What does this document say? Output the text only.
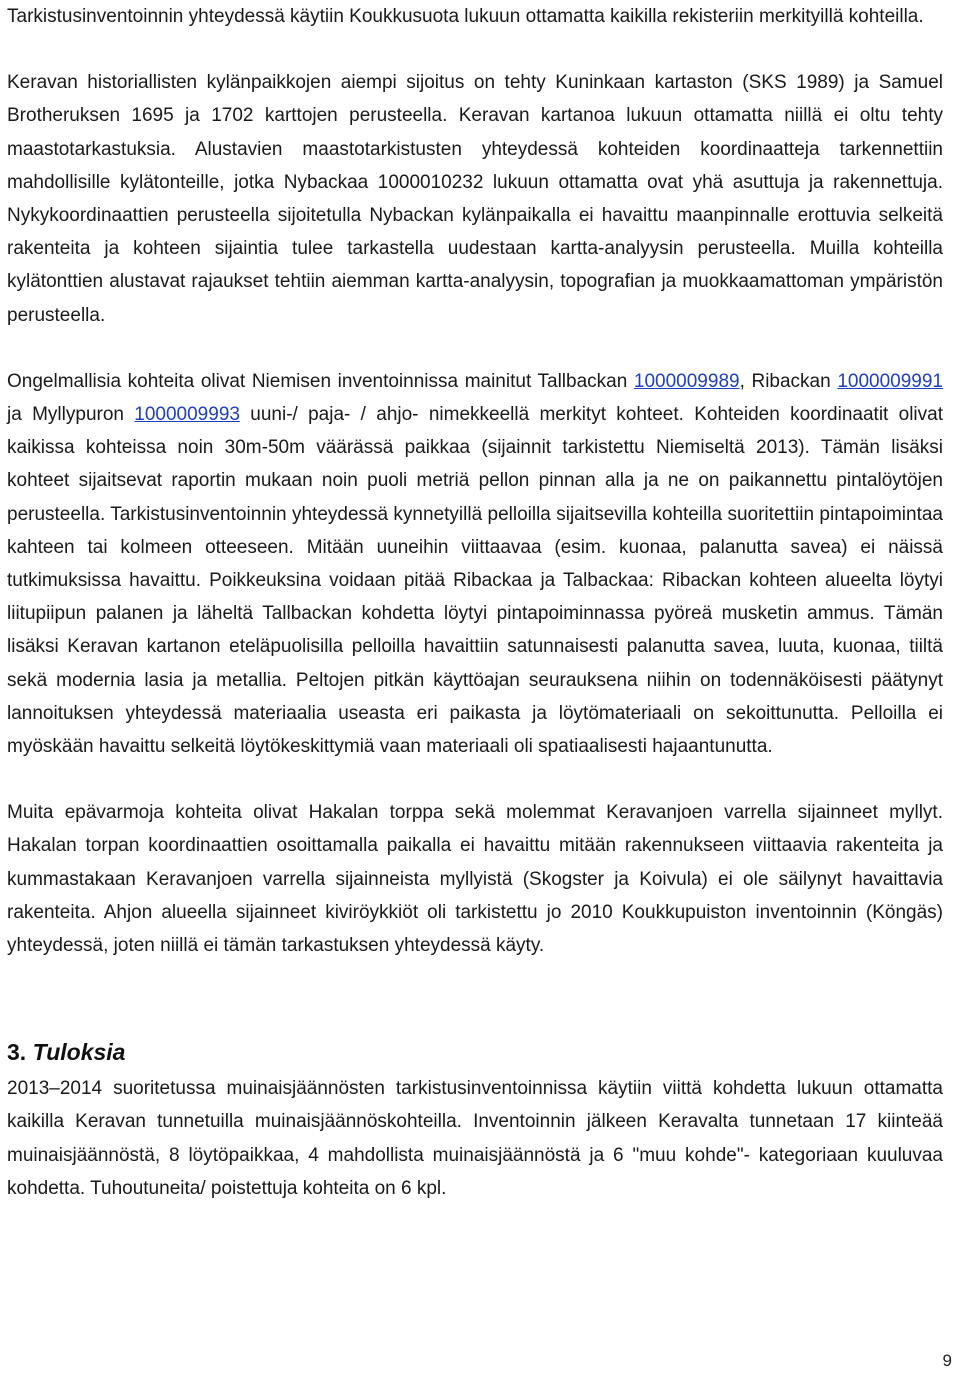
Tarkistusinventoinnin yhteydessä käytiin Koukkusuota lukuun ottamatta kaikilla rekisteriin merkityillä kohteilla.

Keravan historiallisten kylänpaikkojen aiempi sijoitus on tehty Kuninkaan kartaston (SKS 1989) ja Samuel Brotheruksen 1695 ja 1702 karttojen perusteella. Keravan kartanoa lukuun ottamatta niillä ei oltu tehty maastotarkastuksia. Alustavien maastotarkistusten yhteydessä kohteiden koordinaatteja tarkennettiin mahdollisille kylätonteille, jotka Nybackaa 1000010232 lukuun ottamatta ovat yhä asuttuja ja rakennettuja. Nykykoordinaattien perusteella sijoitetulla Nybackan kylänpaikalla ei havaittu maanpinnalle erottuvia selkeitä rakenteita ja kohteen sijaintia tulee tarkastella uudestaan kartta-analyysin perusteella. Muilla kohteilla kylätonttien alustavat rajaukset tehtiin aiemman kartta-analyysin, topografian ja muokkaamattoman ympäristön perusteella.

Ongelmallisia kohteita olivat Niemisen inventoinnissa mainitut Tallbackan 1000009989, Ribackan 1000009991 ja Myllypuron 1000009993 uuni-/ paja- / ahjo- nimekkeellä merkityt kohteet. Kohteiden koordinaatit olivat kaikissa kohteissa noin 30m-50m väärässä paikkaa (sijainnit tarkistettu Niemiseltä 2013). Tämän lisäksi kohteet sijaitsevat raportin mukaan noin puoli metriä pellon pinnan alla ja ne on paikannettu pintalöytöjen perusteella. Tarkistusinventoinnin yhteydessä kynnetyillä pelloilla sijaitsevilla kohteilla suoritettiin pintapoimintaa kahteen tai kolmeen otteeseen. Mitään uuneihin viittaavaa (esim. kuonaa, palanutta savea) ei näissä tutkimuksissa havaittu. Poikkeuksina voidaan pitää Ribackaa ja Talbackaa: Ribackan kohteen alueelta löytyi liitupiipun palanen ja läheltä Tallbackan kohdetta löytyi pintapoiminnassa pyöreä musketin ammus. Tämän lisäksi Keravan kartanon eteläpuolisilla pelloilla havaittiin satunnaisesti palanutta savea, luuta, kuonaa, tiiltä sekä modernia lasia ja metallia. Peltojen pitkän käyttöajan seurauksena niihin on todennäköisesti päätynyt lannoituksen yhteydessä materiaalia useasta eri paikasta ja löytömateriaali on sekoittunutta. Pelloilla ei myöskään havaittu selkeitä löytökeskittymiä vaan materiaali oli spatiaalisesti hajaantunutta.

Muita epävarmoja kohteita olivat Hakalan torppa sekä molemmat Keravanjoen varrella sijainneet myllyt. Hakalan torpan koordinaattien osoittamalla paikalla ei havaittu mitään rakennukseen viittaavia rakenteita ja kummastakaan Keravanjoen varrella sijainneista myllyistä (Skogster ja Koivula) ei ole säilynyt havaittavia rakenteita. Ahjon alueella sijainneet kiviröykkiöt oli tarkistettu jo 2010 Koukkupuiston inventoinnin (Köngäs) yhteydessä, joten niillä ei tämän tarkastuksen yhteydessä käyty.

3. Tuloksia

2013–2014 suoritetussa muinaisjäännösten tarkistusinventoinnissa käytiin viittä kohdetta lukuun ottamatta kaikilla Keravan tunnetuilla muinaisjäännöskohteilla. Inventoinnin jälkeen Keravalta tunnetaan 17 kiinteää muinaisjäännöstä, 8 löytöpaikkaa, 4 mahdollista muinaisjäännöstä ja 6 "muu kohde"- kategoriaan kuuluvaa kohdetta. Tuhoutuneita/ poistettuja kohteita on 6 kpl.

9
